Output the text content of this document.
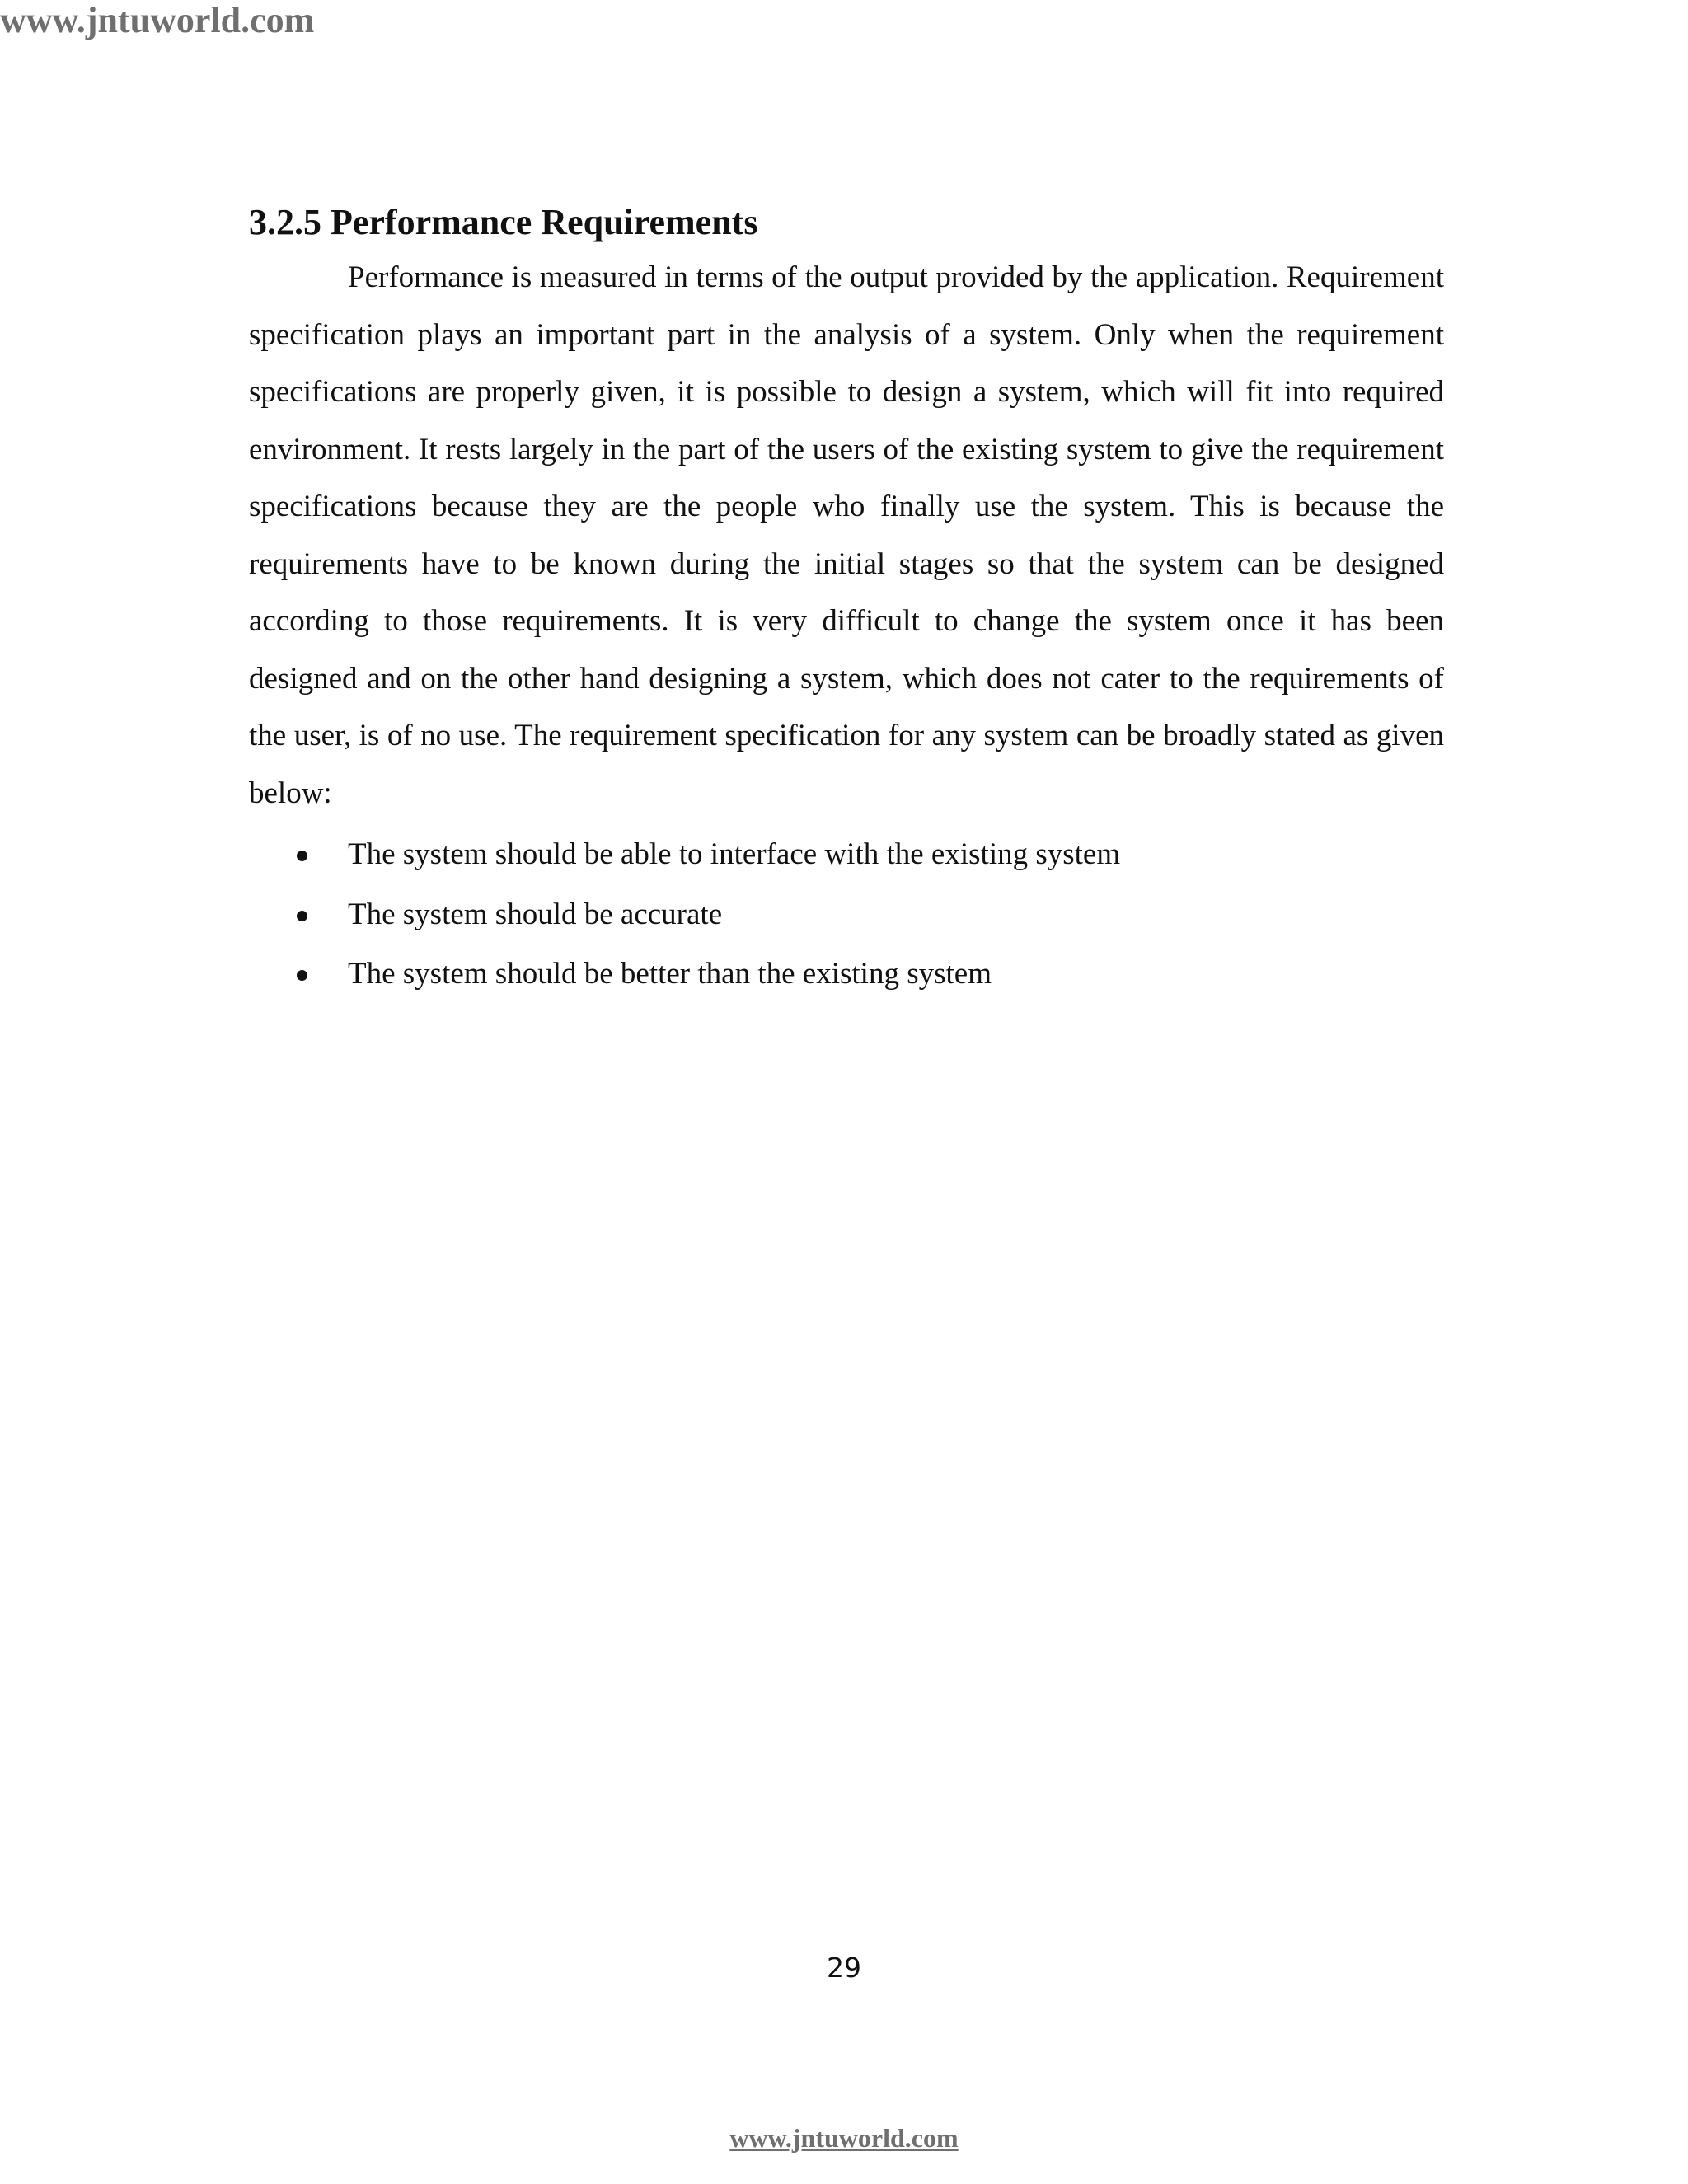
www.jntuworld.com
3.2.5 Performance Requirements

Performance is measured in terms of the output provided by the application. Requirement specification plays an important part in the analysis of a system. Only when the requirement specifications are properly given, it is possible to design a system, which will fit into required environment. It rests largely in the part of the users of the existing system to give the requirement specifications because they are the people who finally use the system. This is because the requirements have to be known during the initial stages so that the system can be designed according to those requirements. It is very difficult to change the system once it has been designed and on the other hand designing a system, which does not cater to the requirements of the user, is of no use. The requirement specification for any system can be broadly stated as given below:

The system should be able to interface with the existing system
The system should be accurate
The system should be better than the existing system
29
www.jntuworld.com
